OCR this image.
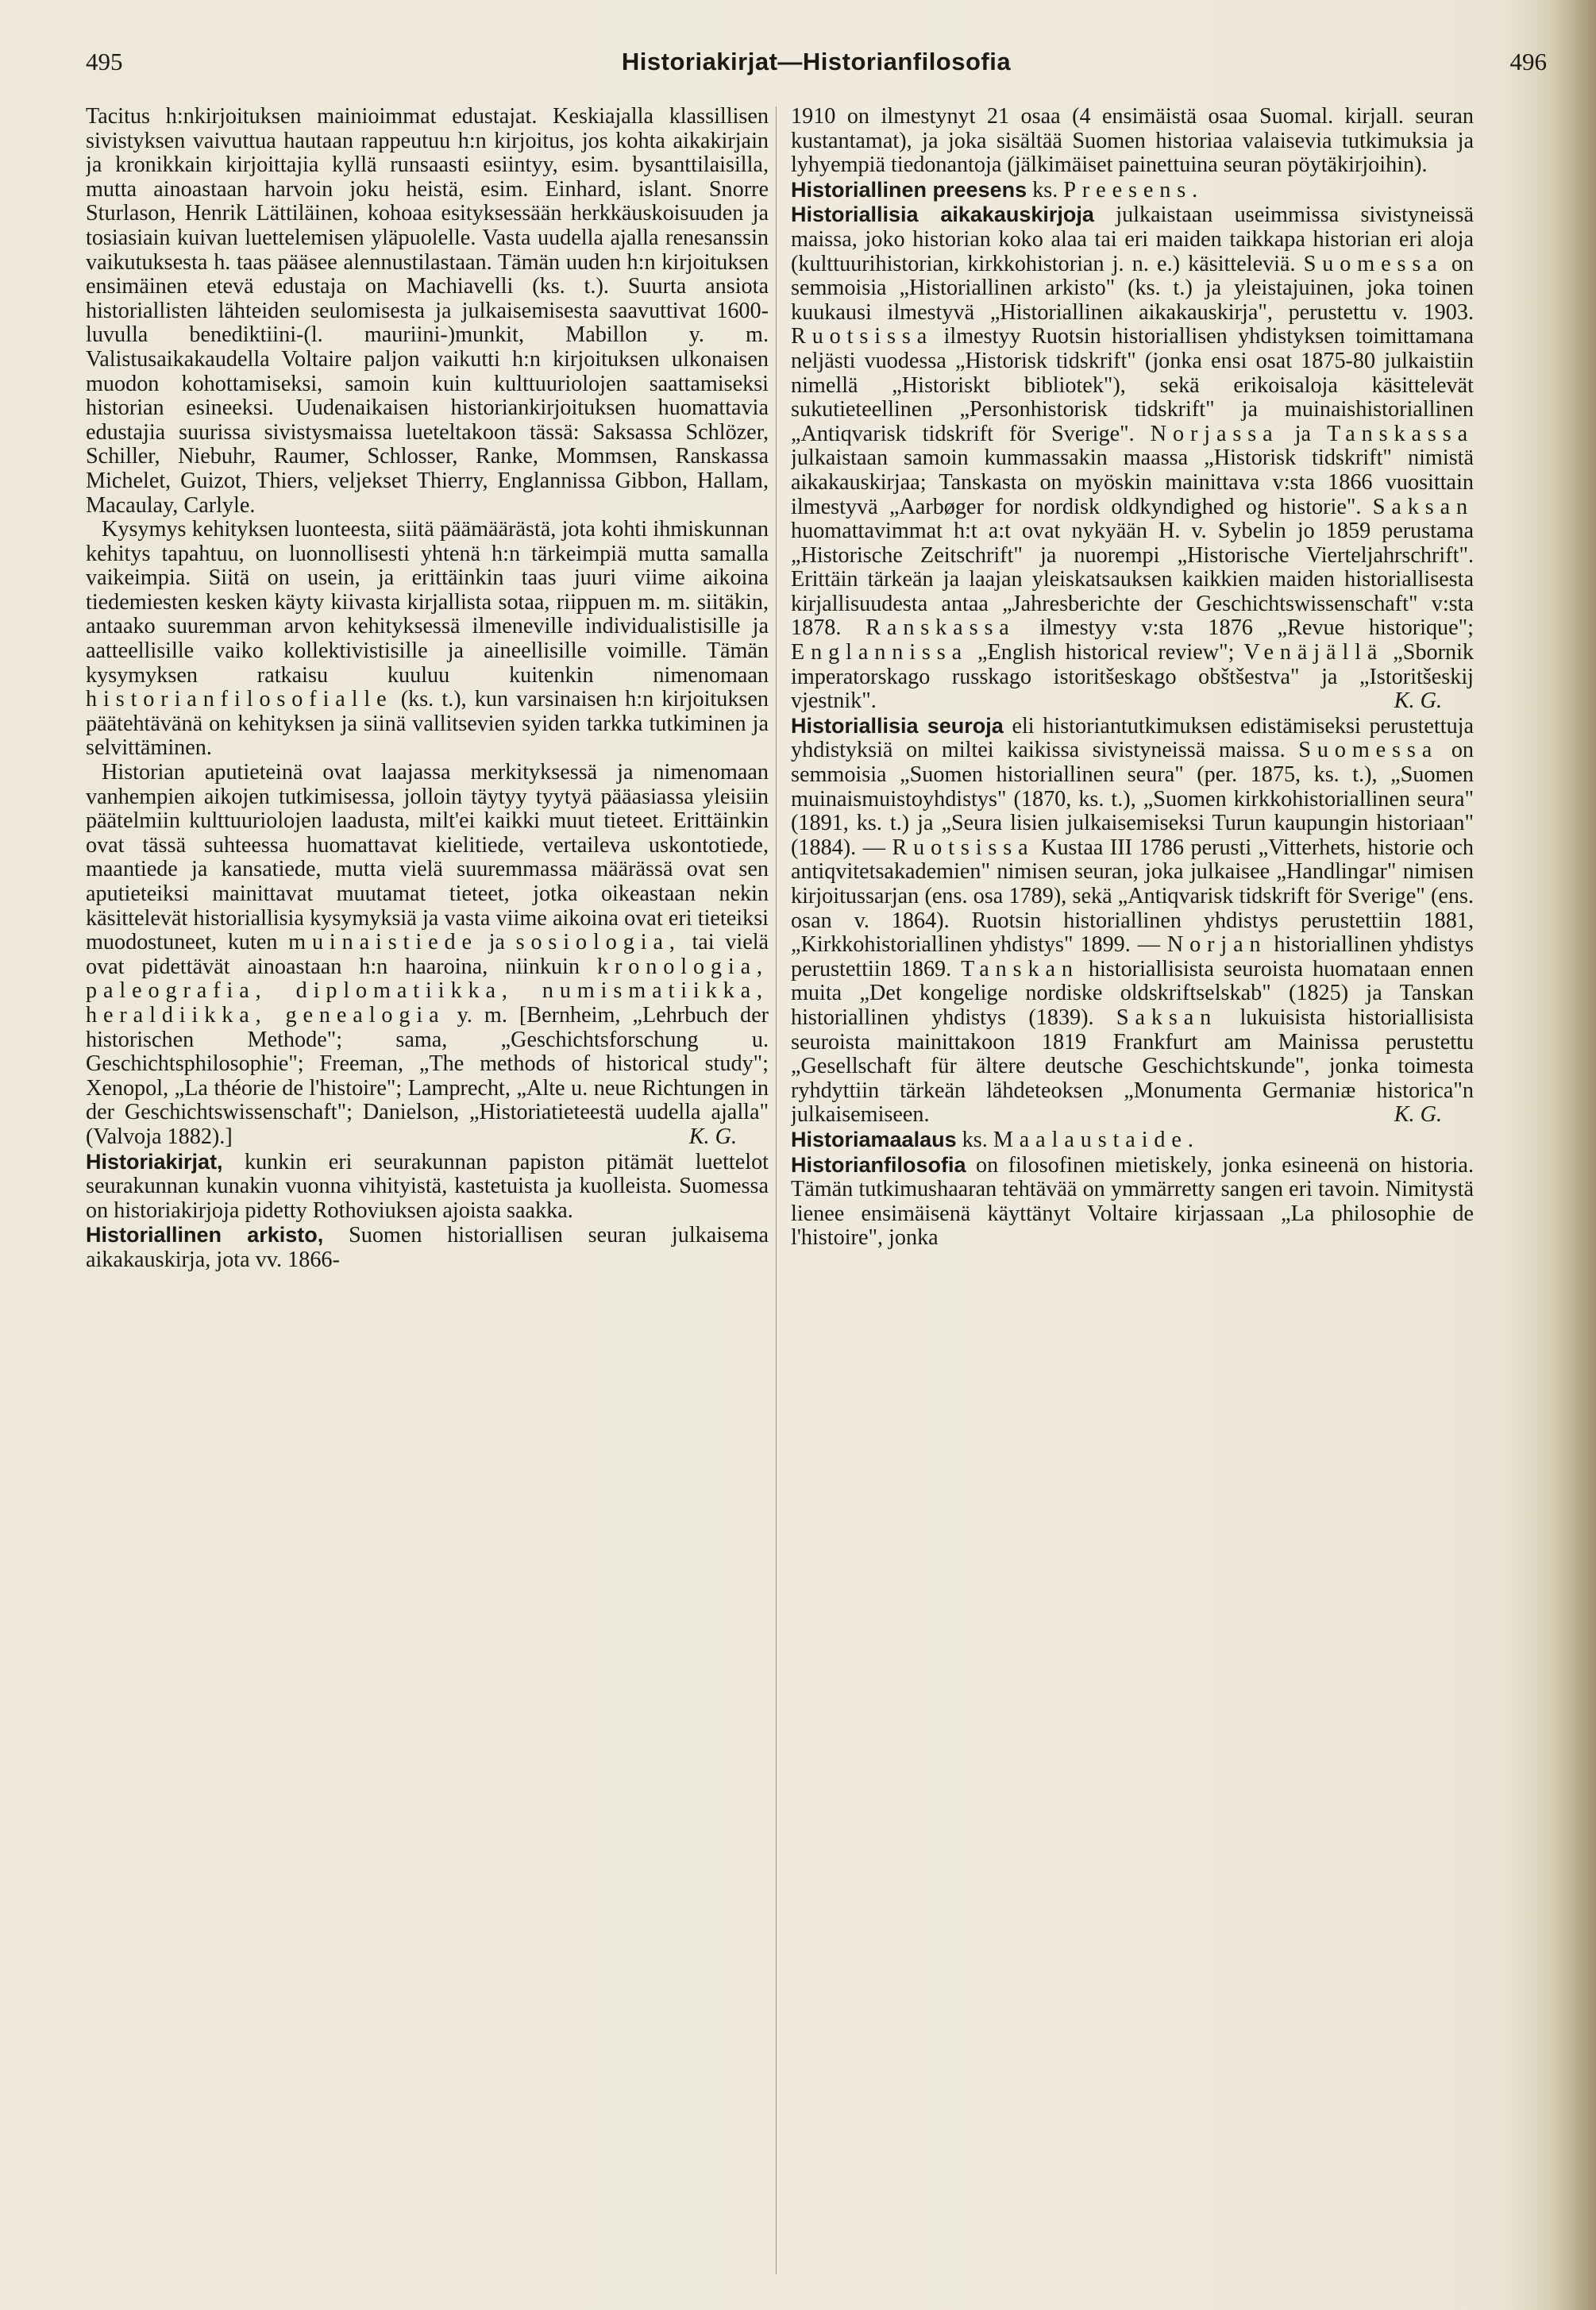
495	Historiakirjat—Historianfilosofia	496

Tacitus h:nkirjoituksen mainioimmat edustajat. Keskiajalla klassillisen sivistyksen vaivuttua hautaan rappeutuu h:n kirjoitus, jos kohta aikakirjain ja kronikkain kirjoittajia kyllä runsaasti esiintyy, esim. bysanttilaisilla, mutta ainoastaan harvoin joku heistä, esim. Einhard, islant. Snorre Sturlason, Henrik Lättiläinen, kohoaa esityksessään herkkäuskoisuuden ja tosiasiain kuivan luettelemisen yläpuolelle. Vasta uudella ajalla renesanssin vaikutuksesta h. taas pääsee alennustilastaan. Tämän uuden h:n kirjoituksen ensimäinen etevä edustaja on Machiavelli (ks. t.). Suurta ansiota historiallisten lähteiden seulomisesta ja julkaisemisesta saavuttivat 1600-luvulla benediktiini-(l. mauriini-)munkit, Mabillon y. m. Valistusaikakaudella Voltaire paljon vaikutti h:n kirjoituksen ulkonaisen muodon kohottamiseksi, samoin kuin kulttuuriolojen saattamiseksi historian esineeksi. Uudenaikaisen historiankirjoituksen huomattavia edustajia suurissa sivistysmaissa lueteltakoon tässä: Saksassa Schlözer, Schiller, Niebuhr, Raumer, Schlosser, Ranke, Mommsen, Ranskassa Michelet, Guizot, Thiers, veljekset Thierry, Englannissa Gibbon, Hallam, Macaulay, Carlyle.

Kysymys kehityksen luonteesta, siitä päämäärästä, jota kohti ihmiskunnan kehitys tapahtuu, on luonnollisesti yhtenä h:n tärkeimpiä mutta samalla vaikeimpia. Siitä on usein, ja erittäinkin taas juuri viime aikoina tiedemiesten kesken käyty kiivasta kirjallista sotaa, riippuen m. m. siitäkin, antaako suuremman arvon kehityksessä ilmeneville individualistisille ja aatteellisille vaiko kollektivistisille ja aineellisille voimille. Tämän kysymyksen ratkaisu kuuluu kuitenkin nimenomaan historianfilosofialle (ks. t.), kun varsinaisen h:n kirjoituksen päätehtävänä on kehityksen ja siinä vallitsevien syiden tarkka tutkiminen ja selvittäminen.

Historian aputieteinä ovat laajassa merkityksessä ja nimenomaan vanhempien aikojen tutkimisessa, jolloin täytyy tyytyä pääasiassa yleisiin päätelmiin kulttuuriolojen laadusta, milt'ei kaikki muut tieteet. Erittäinkin ovat tässä suhteessa huomattavat kielitiede, vertaileva uskontotiede, maantiede ja kansatiede, mutta vielä suuremmassa määrässä ovat sen aputieteiksi mainittavat muutamat tieteet, jotka oikeastaan nekin käsittelevät historiallisia kysymyksiä ja vasta viime aikoina ovat eri tieteiksi muodostuneet, kuten muinaistiede ja sosiologia, tai vielä ovat pidettävät ainoastaan h:n haaroina, niinkuin kronologia, paleografia, diplomatiikka, numismatiikka, heraldiikka, genealogia y. m. [Bernheim, „Lehrbuch der historischen Methode"; sama, „Geschichtsforschung u. Geschichtsphilosophie"; Freeman, „The methods of historical study"; Xenopol, „La théorie de l'histoire"; Lamprecht, „Alte u. neue Richtungen in der Geschichtswissenschaft"; Danielson, „Historiatieteestä uudella ajalla" (Valvoja 1882).]	K. G.

Historiakirjat, kunkin eri seurakunnan papiston pitämät luettelot seurakunnan kunakin vuonna vihityistä, kastetuista ja kuolleista. Suomessa on historiakirjoja pidetty Rothoviuksen ajoista saakka.

Historiallinen arkisto, Suomen historiallisen seuran julkaisema aikakauskirja, jota vv. 1866-

1910 on ilmestynyt 21 osaa (4 ensimäistä osaa Suomal. kirjall. seuran kustantamat), ja joka sisältää Suomen historiaa valaisevia tutkimuksia ja lyhyempiä tiedonantoja (jälkimäiset painettuina seuran pöytäkirjoihin).

Historiallinen preesens ks. Preesens.

Historiallisia aikakauskirjoja julkaistaan useimmissa sivistyneissä maissa, joko historian koko alaa tai eri maiden taikkapa historian eri aloja (kulttuurihistorian, kirkkohistorian j. n. e.) käsitteleviä. Suomessa on semmoisia „Historiallinen arkisto" (ks. t.) ja yleistajuinen, joka toinen kuukausi ilmestyvä „Historiallinen aikakauskirja", perustettu v. 1903. Ruotsissa ilmestyy Ruotsin historiallisen yhdistyksen toimittamana neljästi vuodessa „Historisk tidskrift" (jonka ensi osat 1875-80 julkaistiin nimellä „Historiskt bibliotek"), sekä erikoisaloja käsittelevät sukutieteellinen „Personhistorisk tidskrift" ja muinaishistoriallinen „Antiqvarisk tidskrift för Sverige". Norjassa ja Tanskassa julkaistaan samoin kummassakin maassa „Historisk tidskrift" nimistä aikakauskirjaa; Tanskasta on myöskin mainittava v:sta 1866 vuosittain ilmestyvä „Aarbøger for nordisk oldkyndighed og historie". Saksan huomattavimmat h:t a:t ovat nykyään H. v. Sybelin jo 1859 perustama „Historische Zeitschrift" ja nuorempi „Historische Vierteljahrschrift". Erittäin tärkeän ja laajan yleiskatsauksen kaikkien maiden historiallisesta kirjallisuudesta antaa „Jahresberichte der Geschichtswissenschaft" v:sta 1878. Ranskassa ilmestyy v:sta 1876 „Revue historique"; Englannissa „English historical review"; Venäjällä „Sbornik imperatorskago russkago istoritšeskago obštšestva" ja „Istoritšeskij vjestnik".	K. G.

Historiallisia seuroja eli historiantutkimuksen edistämiseksi perustettuja yhdistyksiä on miltei kaikissa sivistyneissä maissa. Suomessa on semmoisia „Suomen historiallinen seura" (per. 1875, ks. t.), „Suomen muinaismuistoyhdistys" (1870, ks. t.), „Suomen kirkkohistoriallinen seura" (1891, ks. t.) ja „Seura lisien julkaisemiseksi Turun kaupungin historiaan" (1884). — Ruotsissa Kustaa III 1786 perusti „Vitterhets, historie och antiqvitetsakademien" nimisen seuran, joka julkaisee „Handlingar" nimisen kirjoitussarjan (ens. osa 1789), sekä „Antiqvarisk tidskrift för Sverige" (ens. osan v. 1864). Ruotsin historiallinen yhdistys perustettiin 1881, „Kirkkohistoriallinen yhdistys" 1899. — Norjan historiallinen yhdistys perustettiin 1869. Tanskan historiallisista seuroista huomataan ennen muita „Det kongelige nordiske oldskriftselskab" (1825) ja Tanskan historiallinen yhdistys (1839). Saksan lukuisista historiallisista seuroista mainittakoon 1819 Frankfurt am Mainissa perustettu „Gesellschaft für ältere deutsche Geschichtskunde", jonka toimesta ryhdyttiin tärkeän lähdeteoksen „Monumenta Germaniæ historica"n julkaisemiseen.	K. G.

Historiamaalaus ks. Maalaustaide.

Historianfilosofia on filosofinen mietiskely, jonka esineenä on historia. Tämän tutkimushaaran tehtävää on ymmärretty sangen eri tavoin. Nimitystä lienee ensimäisenä käyttänyt Voltaire kirjassaan „La philosophie de l'histoire", jonka
